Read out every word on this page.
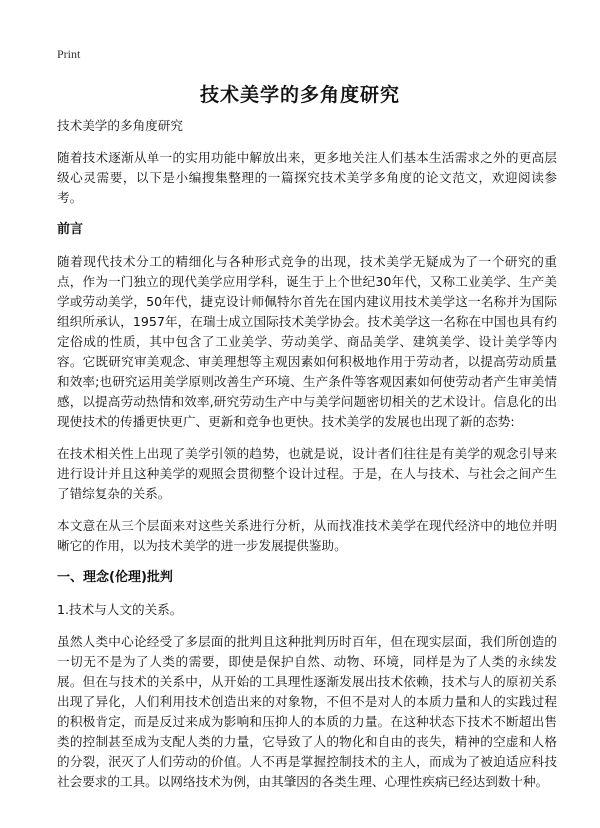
Print
技术美学的多角度研究

技术美学的多角度研究

随着技术逐渐从单一的实用功能中解放出来，更多地关注人们基本生活需求之外的更高层级心灵需要，以下是小编搜集整理的一篇探究技术美学多角度的论文范文，欢迎阅读参考。

前言

随着现代技术分工的精细化与各种形式竞争的出现，技术美学无疑成为了一个研究的重点，作为一门独立的现代美学应用学科，诞生于上个世纪30年代，又称工业美学、生产美学或劳动美学，50年代，捷克设计师佩特尔首先在国内建议用技术美学这一名称并为国际组织所承认，1957年，在瑞士成立国际技术美学协会。技术美学这一名称在中国也具有约定俗成的性质，其中包含了工业美学、劳动美学、商品美学、建筑美学、设计美学等内容。它既研究审美观念、审美理想等主观因素如何积极地作用于劳动者，以提高劳动质量和效率;也研究运用美学原则改善生产环境、生产条件等客观因素如何使劳动者产生审美情感，以提高劳动热情和效率,研究劳动生产中与美学问题密切相关的艺术设计。信息化的出现使技术的传播更快更广、更新和竞争也更快。技术美学的发展也出现了新的态势:

在技术相关性上出现了美学引领的趋势，也就是说，设计者们往往是有美学的观念引导来进行设计并且这种美学的观照会贯彻整个设计过程。于是，在人与技术、与社会之间产生了错综复杂的关系。

本文意在从三个层面来对这些关系进行分析，从而找准技术美学在现代经济中的地位并明晰它的作用，以为技术美学的进一步发展提供鉴助。

一、理念(伦理)批判
1.技术与人文的关系。

虽然人类中心论经受了多层面的批判且这种批判历时百年，但在现实层面，我们所创造的一切无不是为了人类的需要，即使是保护自然、动物、环境，同样是为了人类的永续发展。但在与技术的关系中，从开始的工具理性逐渐发展出技术依赖，技术与人的原初关系出现了异化，人们利用技术创造出来的对象物，不但不是对人的本质力量和人的实践过程的积极肯定，而是反过来成为影响和压抑人的本质的力量。在这种状态下技术不断超出售类的控制甚至成为支配人类的力量，它导致了人的物化和自由的丧失，精神的空虚和人格的分裂，泯灭了人们劳动的价值。人不再是掌握控制技术的主人，而成为了被迫适应科技社会要求的工具。以网络技术为例，由其肇因的各类生理、心理性疾病已经达到数十种。
